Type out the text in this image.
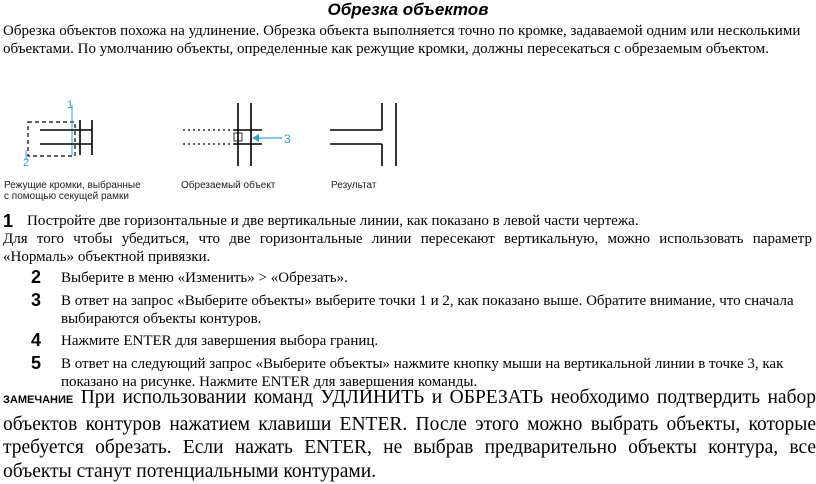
Обрезка объектов
Обрезка объектов похожа на удлинение. Обрезка объекта выполняется точно по кромке, задаваемой одним или несколькими объектами. По умолчанию объекты, определенные как режущие кромки, должны пересекаться с обрезаемым объектом.
1
2
3
Режущие кромки, выбранные
с помощью секущей рамки
Обрезаемый объект	Результат
1 Постройте две горизонтальные и две вертикальные линии, как показано в левой части чертежа.
Для того чтобы убедиться, что две горизонтальные линии пересекают вертикальную, можно использовать параметр «Нормаль» объектной привязки.
2 Выберите в меню «Изменить» > «Обрезать».
3 В ответ на запрос «Выберите объекты» выберите точки 1 и 2, как показано выше. Обратите внимание, что сначала выбираются объекты контуров.
4 Нажмите ENTER для завершения выбора границ.
5 В ответ на следующий запрос «Выберите объекты» нажмите кнопку мыши на вертикальной линии в точке 3, как показано на рисунке. Нажмите ENTER для завершения команды.
ЗАМЕЧАНИЕ При использовании команд УДЛИНИТЬ и ОБРЕЗАТЬ необходимо подтвердить набор объектов контуров нажатием клавиши ENTER. После этого можно выбрать объекты, которые требуется обрезать. Если нажать ENTER, не выбрав предварительно объекты контура, все объекты станут потенциальными контурами.
